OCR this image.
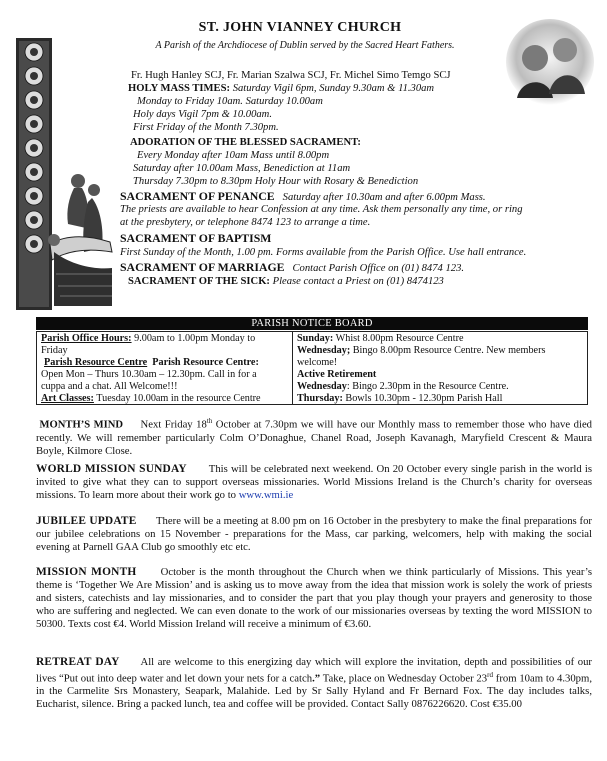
ST. JOHN VIANNEY CHURCH
A Parish of the Archdiocese of Dublin served by the Sacred Heart Fathers.
Fr. Hugh Hanley SCJ, Fr. Marian Szalwa SCJ, Fr. Michel Simo Temgo SCJ
HOLY MASS TIMES: Saturday Vigil 6pm, Sunday 9.30am & 11.30am
Monday to Friday 10am. Saturday 10.00am
Holy days Vigil 7pm & 10.00am.
First Friday of the Month 7.30pm.
ADORATION OF THE BLESSED SACRAMENT:
Every Monday after 10am Mass until 8.00pm
Saturday after 10.00am Mass, Benediction at 11am
Thursday 7.30pm to 8.30pm Holy Hour with Rosary & Benediction
SACRAMENT OF PENANCE Saturday after 10.30am and after 6.00pm Mass.
The priests are available to hear Confession at any time. Ask them personally any time, or ring
at the presbytery, or telephone 8474 123 to arrange a time.
SACRAMENT OF BAPTISM
First Sunday of the Month, 1.00 pm. Forms available from the Parish Office. Use hall entrance.
SACRAMENT OF MARRIAGE Contact Parish Office on (01) 8474 123.
SACRAMENT OF THE SICK: Please contact a Priest on (01) 8474123
PARISH NOTICE BOARD
Parish Office Hours: 9.00am to 1.00pm Monday to
Friday
Parish Resource Centre Parish Resource Centre:
Open Mon – Thurs 10.30am – 12.30pm. Call in for a
cuppa and a chat. All Welcome!!!
Art Classes: Tuesday 10.00am in the resource Centre
Sunday: Whist 8.00pm Resource Centre
Wednesday; Bingo 8.00pm Resource Centre. New members
welcome!
Active Retirement
Wednesday: Bingo 2.30pm in the Resource Centre.
Thursday: Bowls 10.30pm - 12.30pm Parish Hall
MONTH’S MIND Next Friday 18th October at 7.30pm we will have our Monthly mass to remember those who have died recently. We will remember particularly Colm O’Donaghue, Chanel Road, Joseph Kavanagh, Maryfield Crescent & Maura Boyle, Kilmore Close.
WORLD MISSION SUNDAY This will be celebrated next weekend. On 20 October every single parish in the world is invited to give what they can to support overseas missionaries. World Missions Ireland is the Church’s charity for overseas missions. To learn more about their work go to www.wmi.ie
JUBILEE UPDATE There will be a meeting at 8.00 pm on 16 October in the presbytery to make the final preparations for our jubilee celebrations on 15 November - preparations for the Mass, car parking, welcomers, help with making the social evening at Parnell GAA Club go smoothly etc etc.
MISSION MONTH October is the month throughout the Church when we think particularly of Missions. This year’s theme is ‘Together We Are Mission’ and is asking us to move away from the idea that mission work is solely the work of priests and sisters, catechists and lay missionaries, and to consider the part that you play though your prayers and generosity to those who are suffering and neglected. We can even donate to the work of our missionaries overseas by texting the word MISSION to 50300. Texts cost €4. World Mission Ireland will receive a minimum of €3.60.
RETREAT DAY All are welcome to this energizing day which will explore the invitation, depth and possibilities of our lives “Put out into deep water and let down your nets for a catch.” Take, place on Wednesday October 23rd from 10am to 4.30pm, in the Carmelite Srs Monastery, Seapark, Malahide. Led by Sr Sally Hyland and Fr Bernard Fox. The day includes talks, Eucharist, silence. Bring a packed lunch, tea and coffee will be provided. Contact Sally 0876226620. Cost €35.00
